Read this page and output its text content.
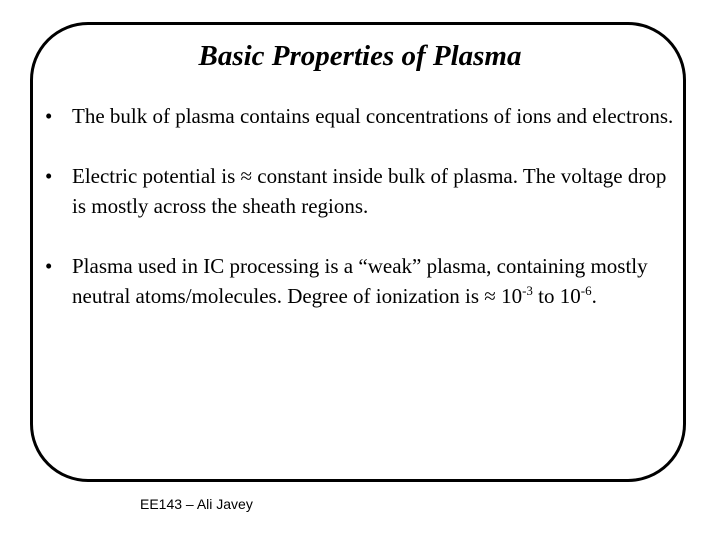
Basic Properties of Plasma
• The bulk of plasma contains equal concentrations of ions and electrons.
• Electric potential is ≈ constant inside bulk of plasma. The voltage drop is mostly across the sheath regions.
• Plasma used in IC processing is a “weak” plasma, containing mostly neutral atoms/molecules. Degree of ionization is ≈ $10^{-3}$ to $10^{-6}$.
EE143 – Ali Javey
